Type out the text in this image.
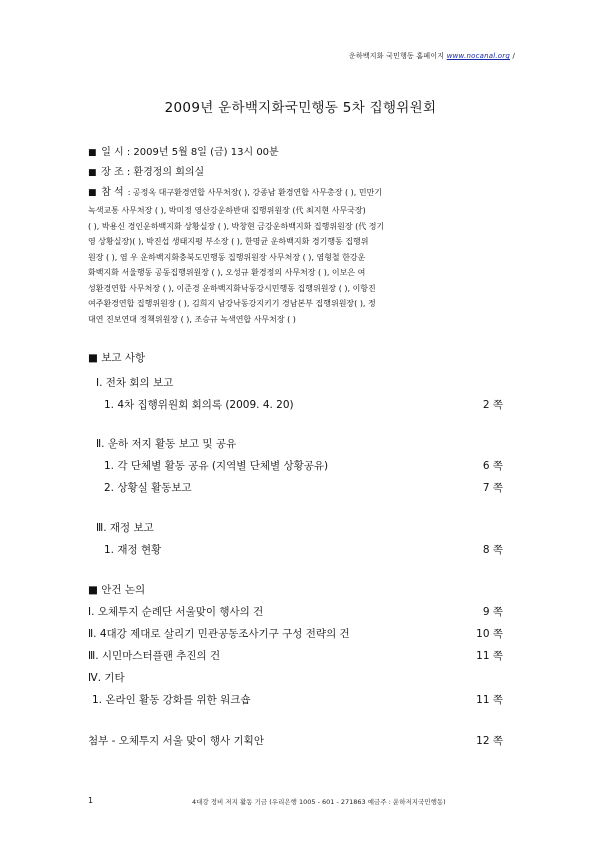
운하백지화 국민행동 홈페이지 www.nocanal.org /
2009년 운하백지화국민행동 5차 집행위원회
■ 일 시 : 2009년 5월 8일 (금) 13시 00분
■ 장 조 : 환경정의 회의실
■ 참 석 : 공정옥 대구환경연합 사무처장( ), 강종남 환경연합 사무총장 ( ), 민만기
녹색교통 사무처장 ( ), 박미정 영산강운하반대 집행위원장 (代 최지현 사무국장)
( ), 박용신 경인운하백지화 상황실장 ( ), 박창현 금강운하백지화 집행위원장 (代 정기
영 상황실장)( ), 박진섭 생태지평 부소장 ( ), 한명균 운하백지화 경기행동 집행위
원장 ( ), 염 우 운하백지화충북도민행동 집행위원장 사무처장 ( ), 염형철 한강운
화백지화 서울행동 공동집행위원장 ( ), 오성규 환경정의 사무처장 ( ), 이보은 여
성환경연합 사무처장 ( ), 이준경 운하백지화낙동강시민행동 집행위원장 ( ), 이항진
여주환경연합 집행위원장 ( ), 김희지 남강낙동강지키기 경남본부 집행위원장( ), 정
대연 진보연대 정책위원장 ( ), 조승규 녹색연합 사무처장 ( )
■ 보고 사항
Ⅰ. 전차 회의 보고
1. 4차 집행위원회 회의록 (2009. 4. 20)	2 쪽
Ⅱ. 운하 저지 활동 보고 및 공유
1. 각 단체별 활동 공유 (지역별 단체별 상황공유)	6 쪽
2. 상황실 활동보고	7 쪽
Ⅲ. 재정 보고
1. 재정 현황	8 쪽
■ 안건 논의
Ⅰ. 오체투지 순례단 서울맞이 행사의 건	9 쪽
Ⅱ. 4대강 제대로 살리기 민관공동조사기구 구성 전략의 건	10 쪽
Ⅲ. 시민마스터플랜 추진의 건	11 쪽
Ⅳ. 기타
1. 온라인 활동 강화를 위한 워크숍	11 쪽
첨부 - 오체투지 서울 맞이 행사 기획안	12 쪽
1	4대강 정비 저지 활동 기금 (우리은행 1005 - 601 - 271863 예금주 : 운하저지국민행동)
